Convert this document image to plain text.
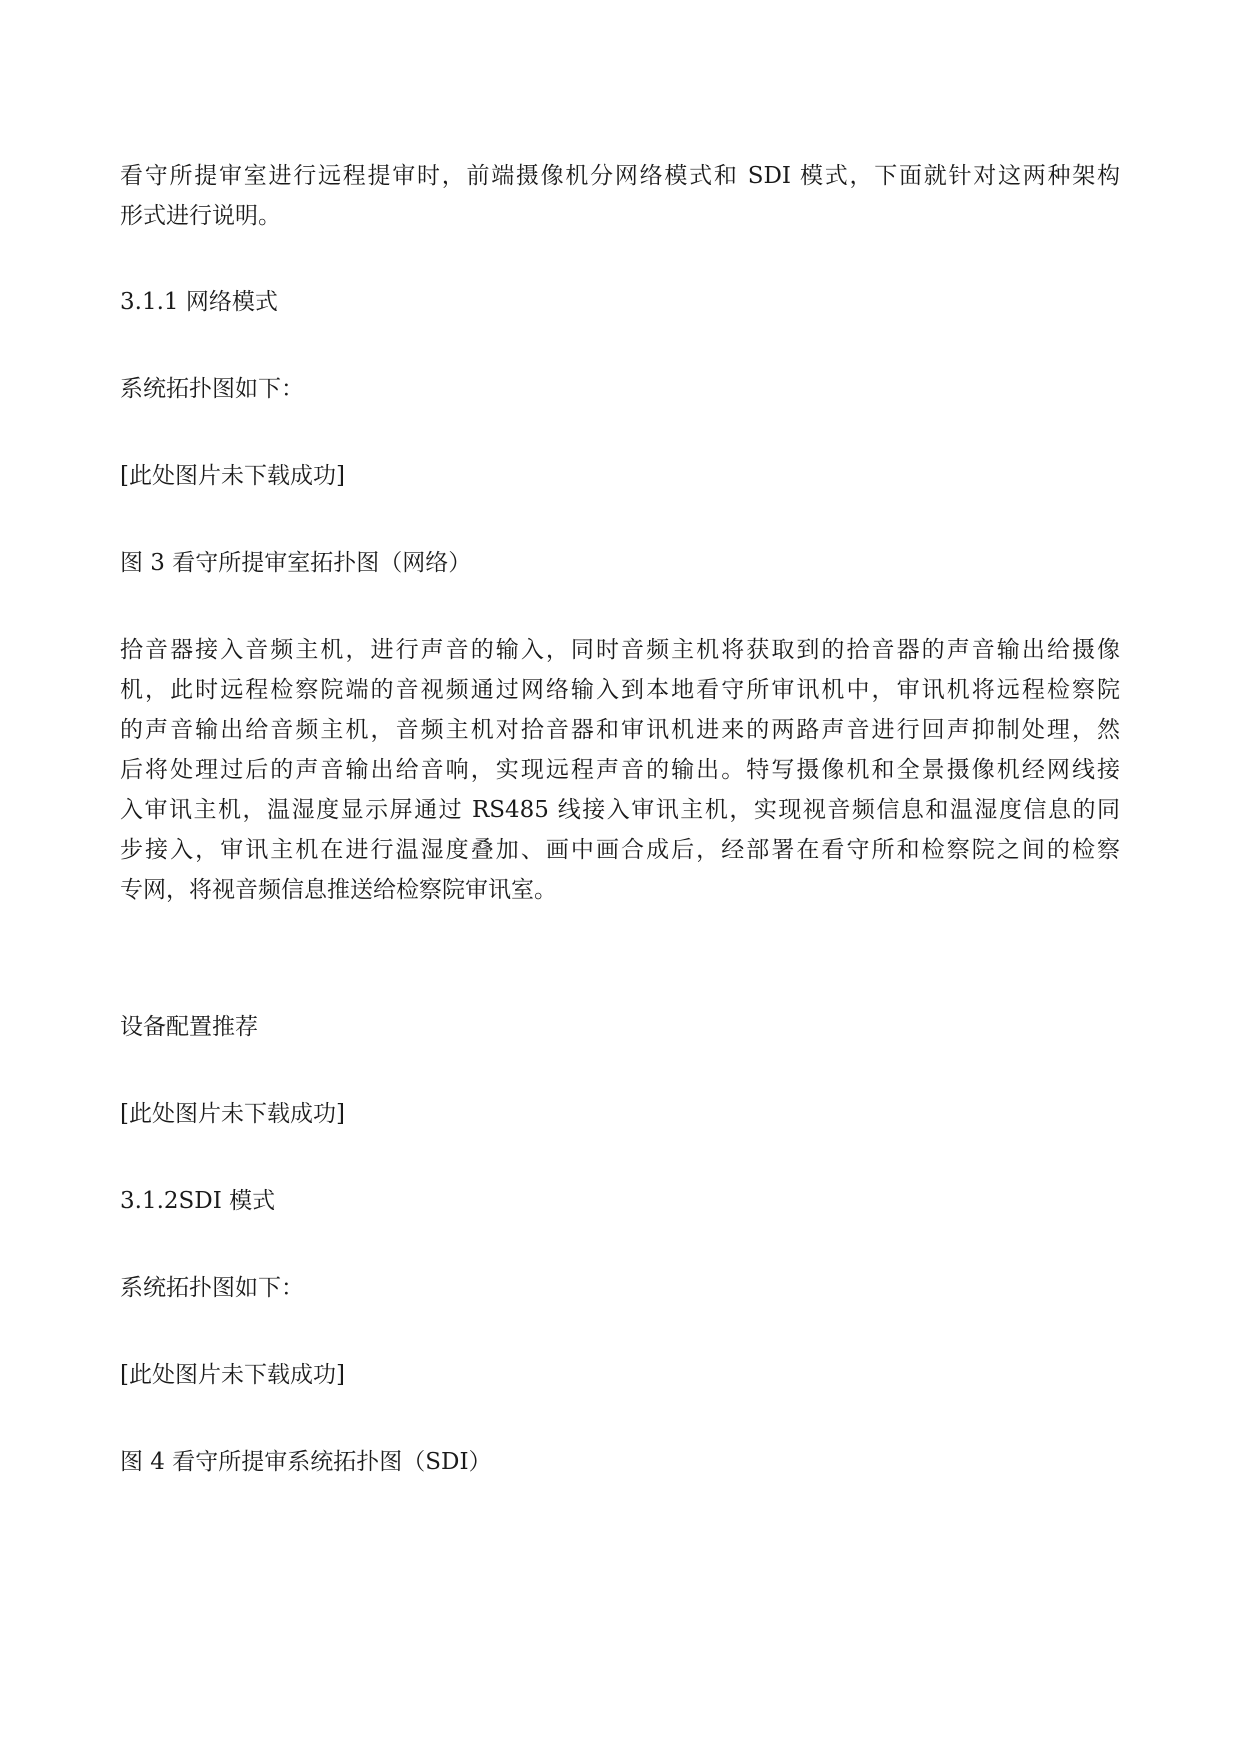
看守所提审室进行远程提审时，前端摄像机分网络模式和 SDI 模式，下面就针对这两种架构
形式进行说明。

3.1.1 网络模式

系统拓扑图如下：

[此处图片未下载成功]

图 3 看守所提审室拓扑图（网络）

拾音器接入音频主机，进行声音的输入，同时音频主机将获取到的拾音器的声音输出给摄像
机，此时远程检察院端的音视频通过网络输入到本地看守所审讯机中，审讯机将远程检察院
的声音输出给音频主机，音频主机对拾音器和审讯机进来的两路声音进行回声抑制处理，然
后将处理过后的声音输出给音响，实现远程声音的输出。特写摄像机和全景摄像机经网线接
入审讯主机，温湿度显示屏通过 RS485 线接入审讯主机，实现视音频信息和温湿度信息的同
步接入，审讯主机在进行温湿度叠加、画中画合成后，经部署在看守所和检察院之间的检察
专网，将视音频信息推送给检察院审讯室。

设备配置推荐

[此处图片未下载成功]

3.1.2SDI 模式

系统拓扑图如下：

[此处图片未下载成功]

图 4 看守所提审系统拓扑图（SDI）
